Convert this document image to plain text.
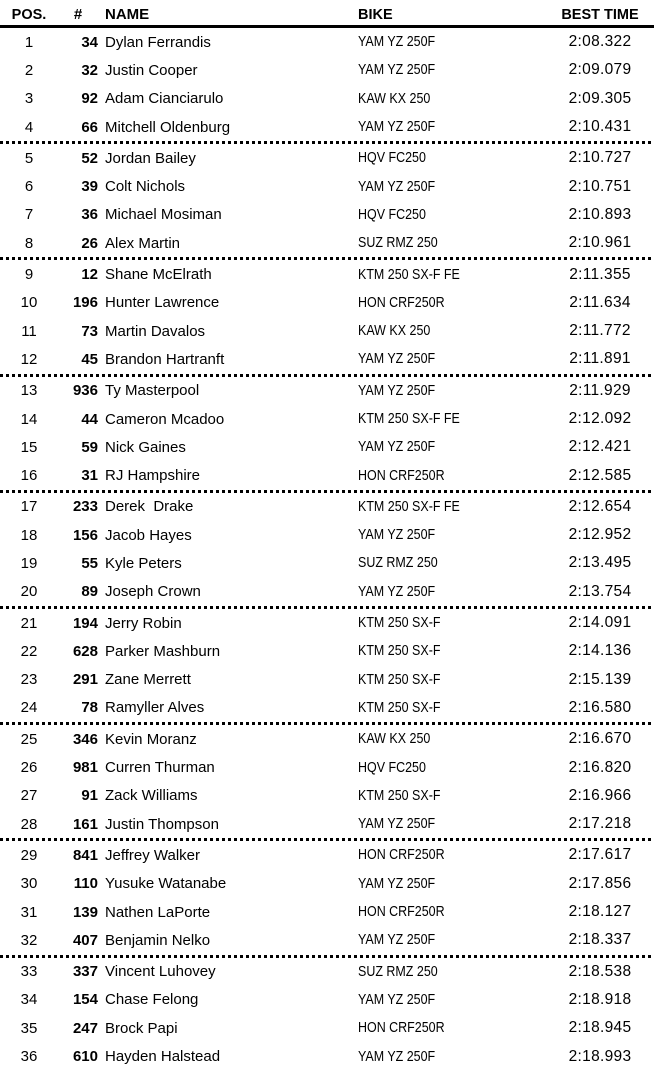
POS.	#	NAME	BIKE	BEST TIME
1	34 Dylan Ferrandis	YAM YZ 250F	2:08.322
2	32 Justin Cooper	YAM YZ 250F	2:09.079
3	92 Adam Cianciarulo	KAW KX 250	2:09.305
4	66 Mitchell Oldenburg	YAM YZ 250F	2:10.431
5	52 Jordan Bailey	HQV FC250	2:10.727
6	39 Colt Nichols	YAM YZ 250F	2:10.751
7	36 Michael Mosiman	HQV FC250	2:10.893
8	26 Alex Martin	SUZ RMZ 250	2:10.961
9	12 Shane McElrath	KTM 250 SX-F FE	2:11.355
10	196 Hunter Lawrence	HON CRF250R	2:11.634
11	73 Martin Davalos	KAW KX 250	2:11.772
12	45 Brandon Hartranft	YAM YZ 250F	2:11.891
13	936 Ty Masterpool	YAM YZ 250F	2:11.929
14	44 Cameron Mcadoo	KTM 250 SX-F FE	2:12.092
15	59 Nick Gaines	YAM YZ 250F	2:12.421
16	31 RJ Hampshire	HON CRF250R	2:12.585
17	233 Derek  Drake	KTM 250 SX-F FE	2:12.654
18	156 Jacob Hayes	YAM YZ 250F	2:12.952
19	55 Kyle Peters	SUZ RMZ 250	2:13.495
20	89 Joseph Crown	YAM YZ 250F	2:13.754
21	194 Jerry Robin	KTM 250 SX-F	2:14.091
22	628 Parker Mashburn	KTM 250 SX-F	2:14.136
23	291 Zane Merrett	KTM 250 SX-F	2:15.139
24	78 Ramyller Alves	KTM 250 SX-F	2:16.580
25	346 Kevin Moranz	KAW KX 250	2:16.670
26	981 Curren Thurman	HQV FC250	2:16.820
27	91 Zack Williams	KTM 250 SX-F	2:16.966
28	161 Justin Thompson	YAM YZ 250F	2:17.218
29	841 Jeffrey Walker	HON CRF250R	2:17.617
30	110 Yusuke Watanabe	YAM YZ 250F	2:17.856
31	139 Nathen LaPorte	HON CRF250R	2:18.127
32	407 Benjamin Nelko	YAM YZ 250F	2:18.337
33	337 Vincent Luhovey	SUZ RMZ 250	2:18.538
34	154 Chase Felong	YAM YZ 250F	2:18.918
35	247 Brock Papi	HON CRF250R	2:18.945
36	610 Hayden Halstead	YAM YZ 250F	2:18.993
